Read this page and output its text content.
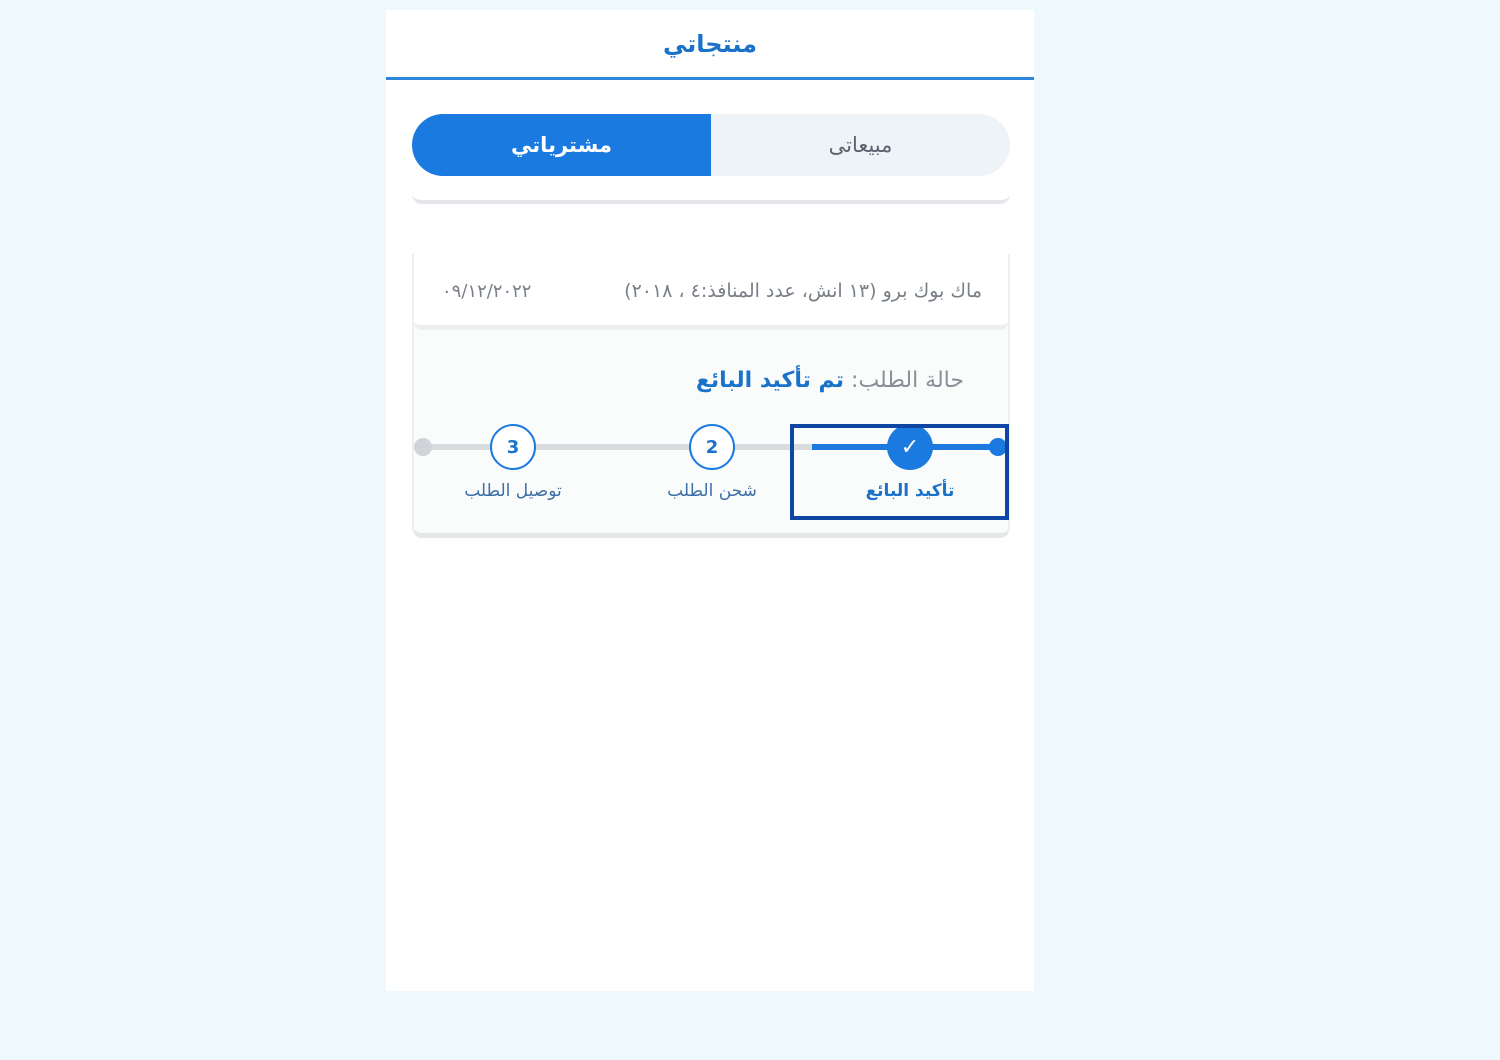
منتجاتي
مشترياتي	مبيعاتى
ماك بوك برو (١٣ انش، عدد المنافذ:٤ ، ٢٠١٨)
٠٩/١٢/٢٠٢٢
حالة الطلب: تم تأكيد البائع
✓
تأكيد البائع
2
شحن الطلب
3
توصيل الطلب
